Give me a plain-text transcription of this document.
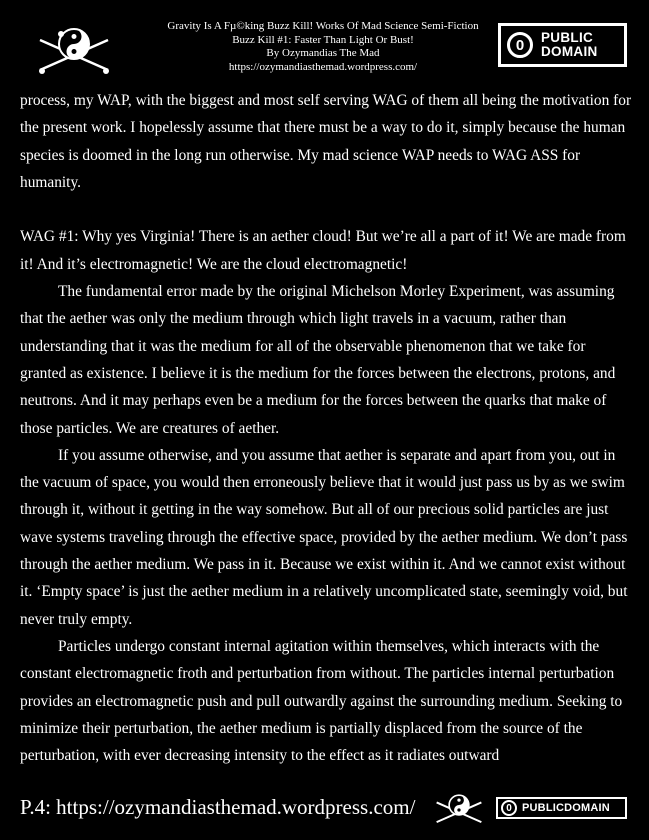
Gravity Is A Fµ©king Buzz Kill! Works Of Mad Science Semi-Fiction
Buzz Kill #1: Faster Than Light Or Bust!
By Ozymandias The Mad
https://ozymandiasthemad.wordpress.com/
0	PUBLIC
DOMAIN

process, my WAP, with the biggest and most self serving WAG of them all being the motivation for the present work. I hopelessly assume that there must be a way to do it, simply because the human species is doomed in the long run otherwise. My mad science WAP needs to WAG ASS for humanity.

WAG #1: Why yes Virginia! There is an aether cloud! But we’re all a part of it! We are made from it! And it’s electromagnetic! We are the cloud electromagnetic!

The fundamental error made by the original Michelson Morley Experiment, was assuming that the aether was only the medium through which light travels in a vacuum, rather than understanding that it was the medium for all of the observable phenomenon that we take for granted as existence. I believe it is the medium for the forces between the electrons, protons, and neutrons. And it may perhaps even be a medium for the forces between the quarks that make of those particles. We are creatures of aether.

If you assume otherwise, and you assume that aether is separate and apart from you, out in the vacuum of space, you would then erroneously believe that it would just pass us by as we swim through it, without it getting in the way somehow. But all of our precious solid particles are just wave systems traveling through the effective space, provided by the aether medium. We don’t pass through the aether medium. We pass in it. Because we exist within it. And we cannot exist without it. ‘Empty space’ is just the aether medium in a relatively uncomplicated state, seemingly void, but never truly empty.

Particles undergo constant internal agitation within themselves, which interacts with the constant electromagnetic froth and perturbation from without. The particles internal perturbation provides an electromagnetic push and pull outwardly against the surrounding medium. Seeking to minimize their perturbation, the aether medium is partially displaced from the source of the perturbation, with ever decreasing intensity to the effect as it radiates outward

P.4: https://ozymandiasthemad.wordpress.com/	0 PUBLICDOMAIN
